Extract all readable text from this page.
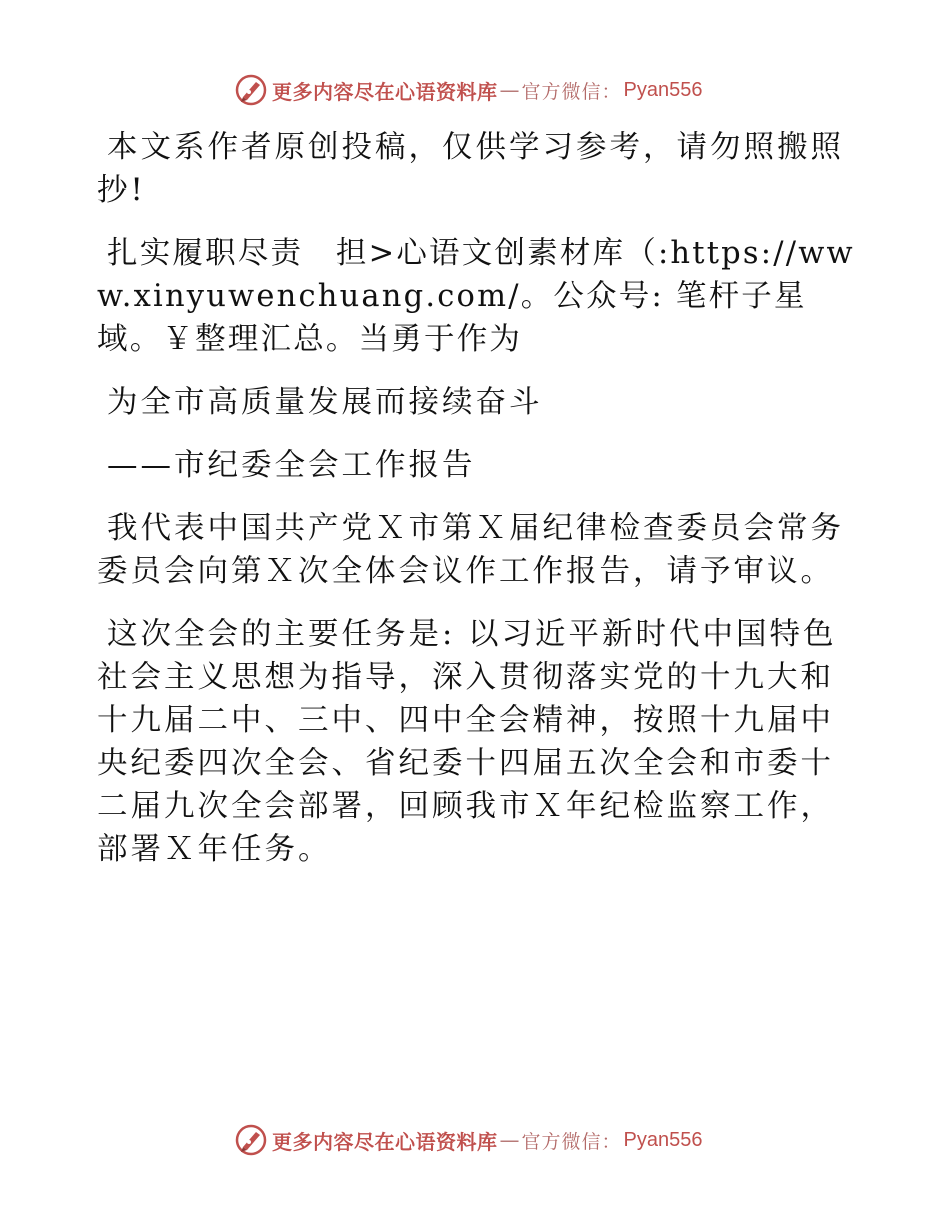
更多内容尽在心语资料库 — 官方微信： Pyan556

本文系作者原创投稿，仅供学习参考，请勿照搬照抄!

扎实履职尽责　担>心语文创素材库（:https://www.xinyuwenchuang.com/。公众号: 笔杆子星域。￥整理汇总。当勇于作为

为全市高质量发展而接续奋斗

——市纪委全会工作报告

我代表中国共产党Ｘ市第Ｘ届纪律检查委员会常务委员会向第Ｘ次全体会议作工作报告，请予审议。

这次全会的主要任务是: 以习近平新时代中国特色社会主义思想为指导，深入贯彻落实党的十九大和十九届二中、三中、四中全会精神，按照十九届中央纪委四次全会、省纪委十四届五次全会和市委十二届九次全会部署，回顾我市Ｘ年纪检监察工作，部署Ｘ年任务。

更多内容尽在心语资料库 — 官方微信： Pyan556
